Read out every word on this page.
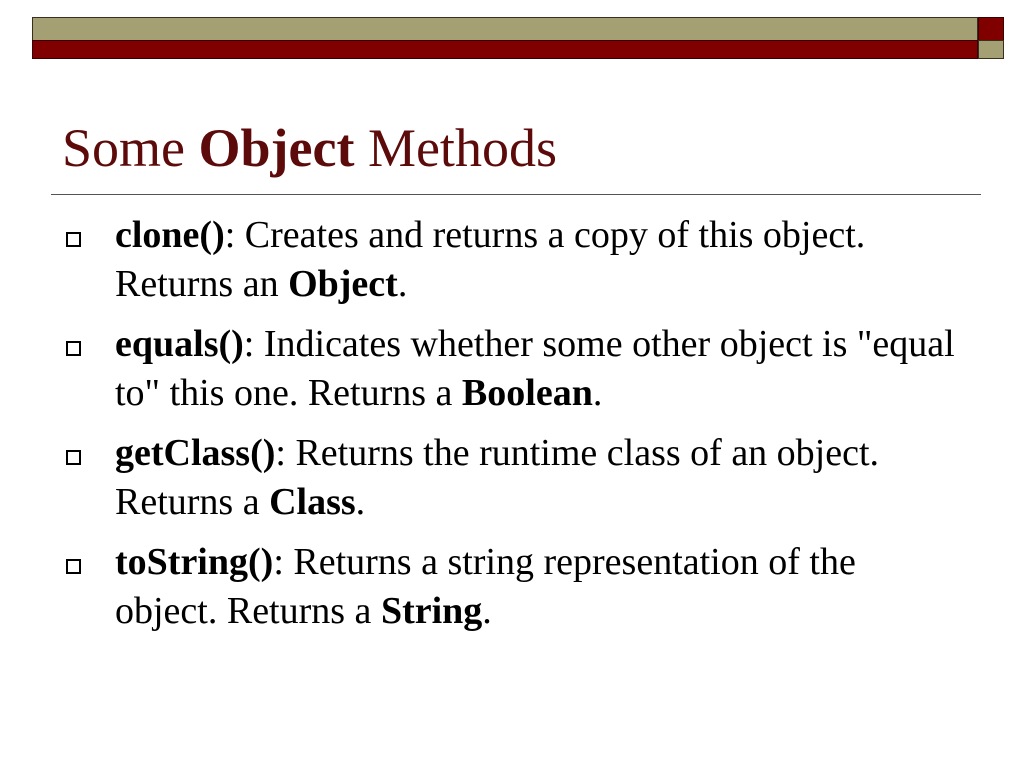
Some Object Methods
clone(): Creates and returns a copy of this object. Returns an Object.
equals(): Indicates whether some other object is "equal to" this one. Returns a Boolean.
getClass(): Returns the runtime class of an object. Returns a Class.
toString(): Returns a string representation of the object. Returns a String.
